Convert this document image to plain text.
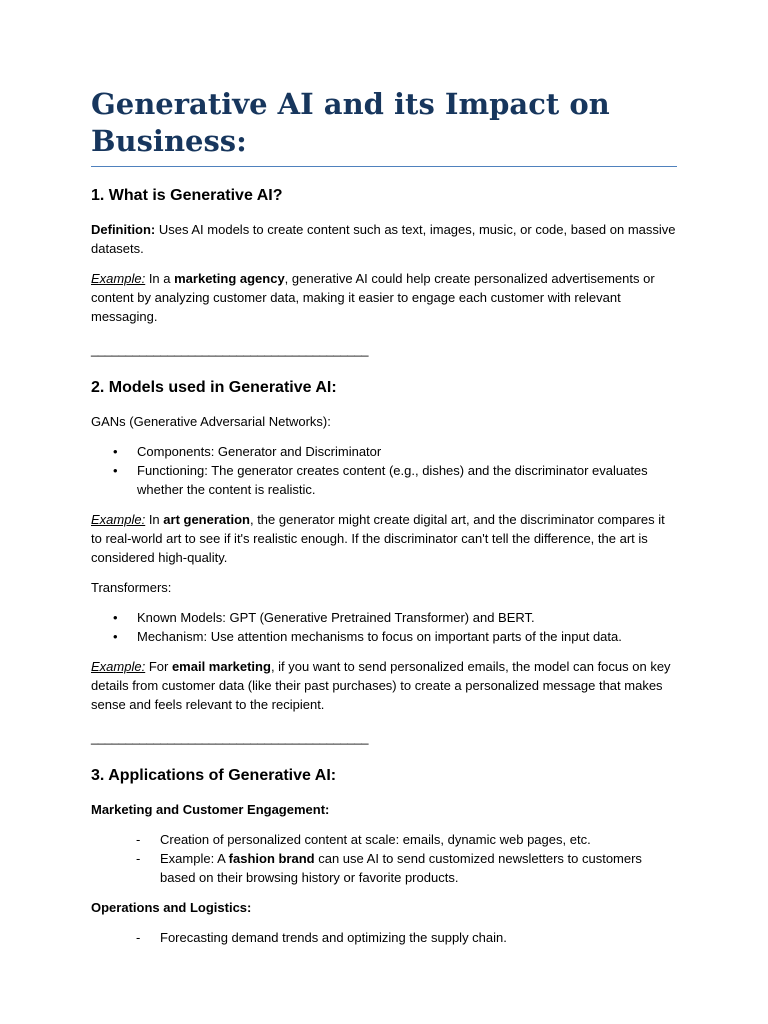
Generative AI and its Impact on Business:
1. What is Generative AI?

Definition: Uses AI models to create content such as text, images, music, or code, based on massive datasets.

Example: In a marketing agency, generative AI could help create personalized advertisements or content by analyzing customer data, making it easier to engage each customer with relevant messaging.

________________________________________
2. Models used in Generative AI:

GANs (Generative Adversarial Networks):

• Components: Generator and Discriminator
• Functioning: The generator creates content (e.g., dishes) and the discriminator evaluates whether the content is realistic.

Example: In art generation, the generator might create digital art, and the discriminator compares it to real-world art to see if it's realistic enough. If the discriminator can't tell the difference, the art is considered high-quality.

Transformers:

• Known Models: GPT (Generative Pretrained Transformer) and BERT.
• Mechanism: Use attention mechanisms to focus on important parts of the input data.

Example: For email marketing, if you want to send personalized emails, the model can focus on key details from customer data (like their past purchases) to create a personalized message that makes sense and feels relevant to the recipient.

________________________________________
3. Applications of Generative AI:

Marketing and Customer Engagement:

- Creation of personalized content at scale: emails, dynamic web pages, etc.
- Example: A fashion brand can use AI to send customized newsletters to customers based on their browsing history or favorite products.

Operations and Logistics:

- Forecasting demand trends and optimizing the supply chain.
